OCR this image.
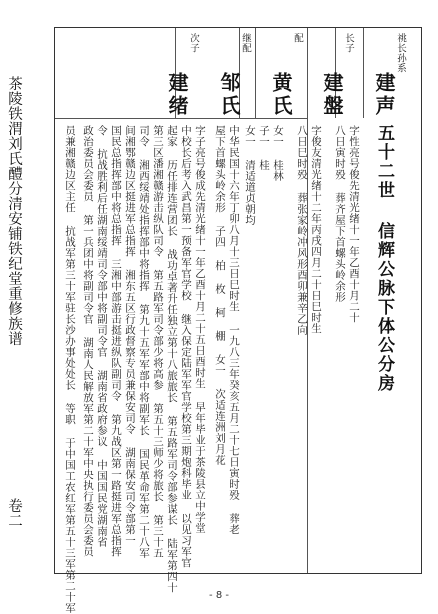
茶陵铁渭刘氏醴分清安铺铁纪堂重修族谱
卷二
祧长孙系
建声
长子
建盤
配
黄氏
继配
邹氏
次子
建绪
五十二世 信辉公脉下体公分房
字性亮号俊先清光绪十一年乙酉十月二十
八日寅时殁 葬齐屋下首螺头岭余形
字俊友清光绪十二年丙戌四月二十日巳时生
八日巳时殁 葬张家岭冲风形酉卯兼辛乙向
女一 桂林
子一 桂
女一 清适道贞朝均
中华民国十六年丁卯八月十三日巳时生 一九八三年癸亥五月二十七日寅时殁 葬老
屋下首螺头岭余形 子四 柏 枚 柯 棚 女一 次适连洲刘月花
字子亮号俊成先清光绪十一年乙酉十月二十五日酉时生 早年毕业于茶陵县立中学堂
中校长后考入武昌第一预备军官学校 继入保定陆军军官学校第三期炮科毕业 以见习军官
起家 历任排连营团长 战功卓著升任独立第十八旅旅长 第五路军司令部参谋长 陆军第四十
第三区潘湘赣游击纵队司令 第五路军司令部少将高参 第五十三师少将旅长 第三十五
司令 湘西绥靖处指挥部中将指挥 第九十五军军部中将副军长 国民革命军第二十八军
间湘鄂赣边区挺进军总指挥 湘东五区行政督察专员兼保安司令 湖南保安司令部第一
国民总指挥部中将总指挥 三湘中部游击挺进纵队副司令 第九战区第一路挺进军总指挥
令 抗战胜利后任湖南绥靖司令部中将副司令官 湖南省政府参议 中国国民党湖南省
政治委员会委员 第一兵团中将副司令官 湖南人民解放军第二十军中央执行委员会委员
员兼湘赣边区主任 抗战军第三十军驻长沙办事处处长 等职 于中国工农红军第五十三军第二十军	- 8 -
